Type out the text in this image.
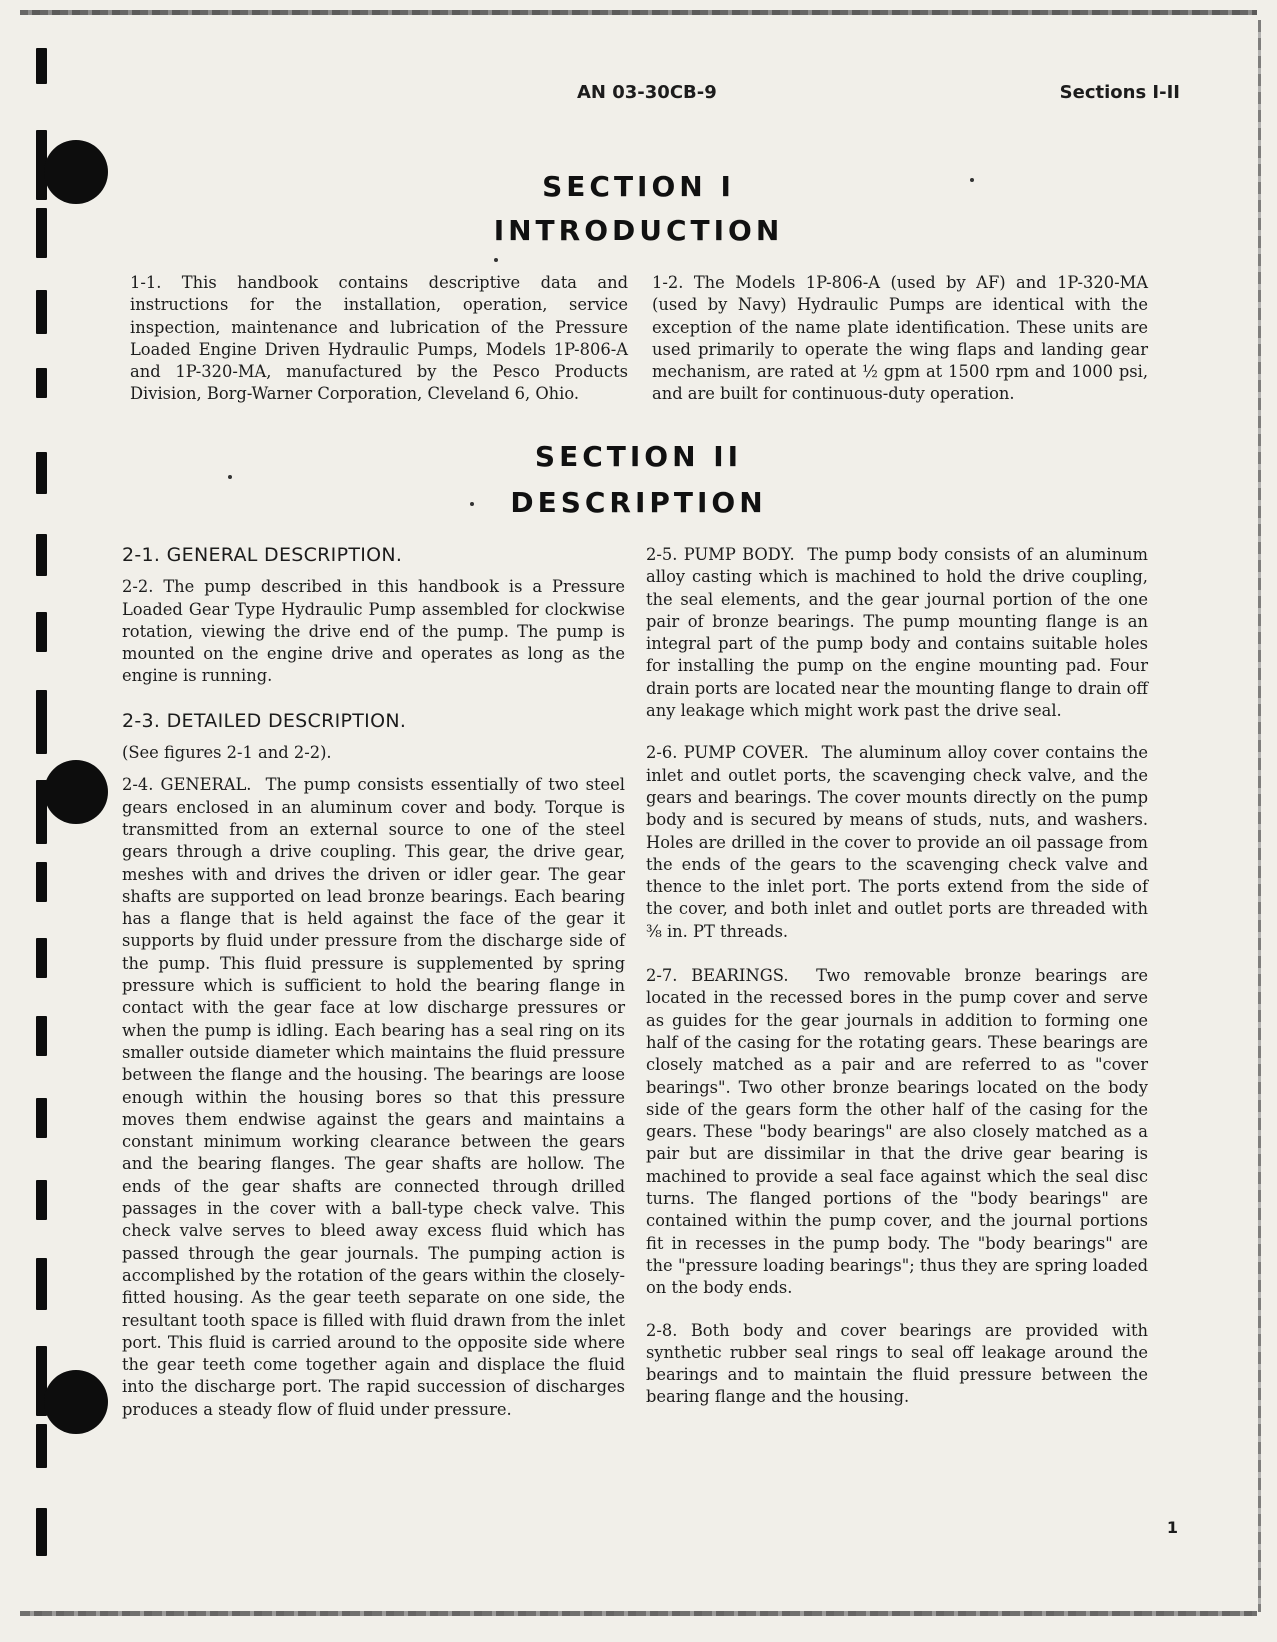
AN 03-30CB-9	Sections I-II
SECTION I
INTRODUCTION

1-1. This handbook contains descriptive data and instructions for the installation, operation, service inspection, maintenance and lubrication of the Pressure Loaded Engine Driven Hydraulic Pumps, Models 1P-806-A and 1P-320-MA, manufactured by the Pesco Products Division, Borg-Warner Corporation, Cleveland 6, Ohio.

1-2. The Models 1P-806-A (used by AF) and 1P-320-MA (used by Navy) Hydraulic Pumps are identical with the exception of the name plate identification. These units are used primarily to operate the wing flaps and landing gear mechanism, are rated at ½ gpm at 1500 rpm and 1000 psi, and are built for continuous-duty operation.

SECTION II
DESCRIPTION
2-1. GENERAL DESCRIPTION.

2-2. The pump described in this handbook is a Pressure Loaded Gear Type Hydraulic Pump assembled for clockwise rotation, viewing the drive end of the pump. The pump is mounted on the engine drive and operates as long as the engine is running.

2-3. DETAILED DESCRIPTION.
(See figures 2-1 and 2-2).

2-4. GENERAL. The pump consists essentially of two steel gears enclosed in an aluminum cover and body. Torque is transmitted from an external source to one of the steel gears through a drive coupling. This gear, the drive gear, meshes with and drives the driven or idler gear. The gear shafts are supported on lead bronze bearings. Each bearing has a flange that is held against the face of the gear it supports by fluid under pressure from the discharge side of the pump. This fluid pressure is supplemented by spring pressure which is sufficient to hold the bearing flange in contact with the gear face at low discharge pressures or when the pump is idling. Each bearing has a seal ring on its smaller outside diameter which maintains the fluid pressure between the flange and the housing. The bearings are loose enough within the housing bores so that this pressure moves them endwise against the gears and maintains a constant minimum working clearance between the gears and the bearing flanges. The gear shafts are hollow. The ends of the gear shafts are connected through drilled passages in the cover with a ball-type check valve. This check valve serves to bleed away excess fluid which has passed through the gear journals. The pumping action is accomplished by the rotation of the gears within the closely-fitted housing. As the gear teeth separate on one side, the resultant tooth space is filled with fluid drawn from the inlet port. This fluid is carried around to the opposite side where the gear teeth come together again and displace the fluid into the discharge port. The rapid succession of discharges produces a steady flow of fluid under pressure.

2-5. PUMP BODY. The pump body consists of an aluminum alloy casting which is machined to hold the drive coupling, the seal elements, and the gear journal portion of the one pair of bronze bearings. The pump mounting flange is an integral part of the pump body and contains suitable holes for installing the pump on the engine mounting pad. Four drain ports are located near the mounting flange to drain off any leakage which might work past the drive seal.

2-6. PUMP COVER. The aluminum alloy cover contains the inlet and outlet ports, the scavenging check valve, and the gears and bearings. The cover mounts directly on the pump body and is secured by means of studs, nuts, and washers. Holes are drilled in the cover to provide an oil passage from the ends of the gears to the scavenging check valve and thence to the inlet port. The ports extend from the side of the cover, and both inlet and outlet ports are threaded with ⅜ in. PT threads.

2-7. BEARINGS. Two removable bronze bearings are located in the recessed bores in the pump cover and serve as guides for the gear journals in addition to forming one half of the casing for the rotating gears. These bearings are closely matched as a pair and are referred to as "cover bearings". Two other bronze bearings located on the body side of the gears form the other half of the casing for the gears. These "body bearings" are also closely matched as a pair but are dissimilar in that the drive gear bearing is machined to provide a seal face against which the seal disc turns. The flanged portions of the "body bearings" are contained within the pump cover, and the journal portions fit in recesses in the pump body. The "body bearings" are the "pressure loading bearings"; thus they are spring loaded on the body ends.

2-8. Both body and cover bearings are provided with synthetic rubber seal rings to seal off leakage around the bearings and to maintain the fluid pressure between the bearing flange and the housing.

1
